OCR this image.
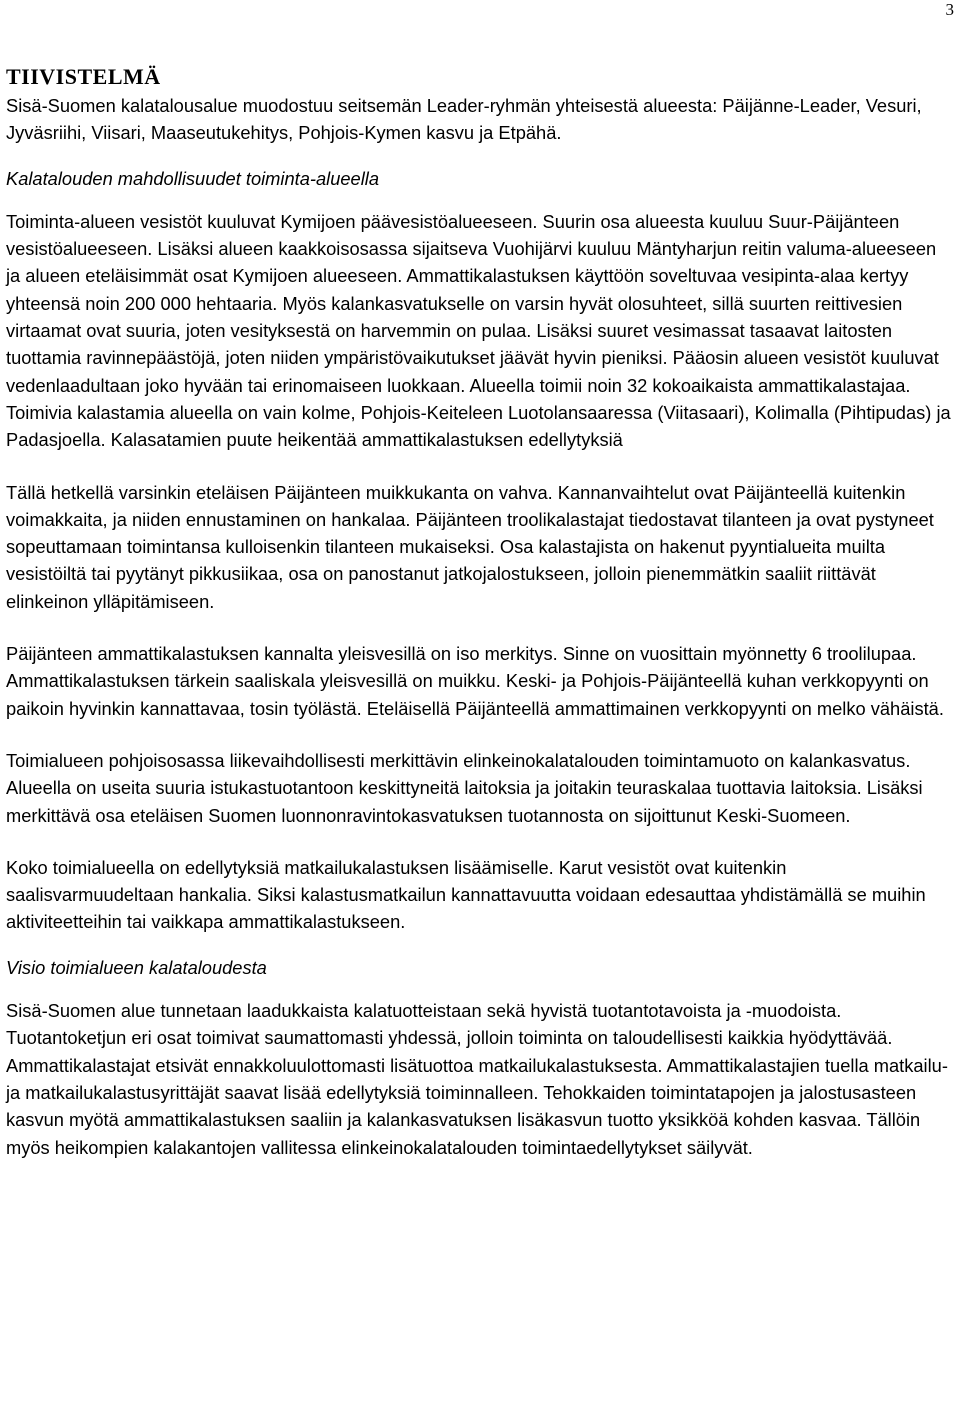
3
TIIVISTELMÄ

Sisä-Suomen kalatalousalue muodostuu seitsemän Leader-ryhmän yhteisestä alueesta: Päijänne-Leader, Vesuri, Jyväsriihi, Viisari, Maaseutukehitys, Pohjois-Kymen kasvu ja Etpähä.

Kalatalouden mahdollisuudet toiminta-alueella

Toiminta-alueen vesistöt kuuluvat Kymijoen päävesistöalueeseen. Suurin osa alueesta kuuluu Suur-Päijänteen vesistöalueeseen. Lisäksi alueen kaakkoisosassa sijaitseva Vuohijärvi kuuluu Mäntyharjun reitin valuma-alueeseen ja alueen eteläisimmät osat Kymijoen alueeseen. Ammattikalastuksen käyttöön soveltuvaa vesipinta-alaa kertyy yhteensä noin 200 000 hehtaaria. Myös kalankasvatukselle on varsin hyvät olosuhteet, sillä suurten reittivesien virtaamat ovat suuria, joten vesityksestä on harvemmin on pulaa. Lisäksi suuret vesimassat tasaavat laitosten tuottamia ravinnepäästöjä, joten niiden ympäristövaikutukset jäävät hyvin pieniksi. Pääosin alueen vesistöt kuuluvat vedenlaadultaan joko hyvään tai erinomaiseen luokkaan. Alueella toimii noin 32 kokoaikaista ammattikalastajaa. Toimivia kalastamia alueella on vain kolme, Pohjois-Keiteleen Luotolansaaressa (Viitasaari), Kolimalla (Pihtipudas) ja Padasjoella. Kalasatamien puute heikentää ammattikalastuksen edellytyksiä

Tällä hetkellä varsinkin eteläisen Päijänteen muikkukanta on vahva. Kannanvaihtelut ovat Päijänteellä kuitenkin voimakkaita, ja niiden ennustaminen on hankalaa. Päijänteen troolikalastajat tiedostavat tilanteen ja ovat pystyneet sopeuttamaan toimintansa kulloisenkin tilanteen mukaiseksi. Osa kalastajista on hakenut pyyntialueita muilta vesistöiltä tai pyytänyt pikkusiikaa, osa on panostanut jatkojalostukseen, jolloin pienemmätkin saaliit riittävät elinkeinon ylläpitämiseen.

Päijänteen ammattikalastuksen kannalta yleisvesillä on iso merkitys. Sinne on vuosittain myönnetty 6 troolilupaa. Ammattikalastuksen tärkein saaliskala yleisvesillä on muikku. Keski- ja Pohjois-Päijänteellä kuhan verkkopyynti on paikoin hyvinkin kannattavaa, tosin työlästä. Eteläisellä Päijänteellä ammattimainen verkkopyynti on melko vähäistä.

Toimialueen pohjoisosassa liikevaihdollisesti merkittävin elinkeinokalatalouden toimintamuoto on kalankasvatus. Alueella on useita suuria istukastuotantoon keskittyneitä laitoksia ja joitakin teuraskalaa tuottavia laitoksia. Lisäksi merkittävä osa eteläisen Suomen luonnonravintokasvatuksen tuotannosta on sijoittunut Keski-Suomeen.

Koko toimialueella on edellytyksiä matkailukalastuksen lisäämiselle. Karut vesistöt ovat kuitenkin saalisvarmuudeltaan hankalia. Siksi kalastusmatkailun kannattavuutta voidaan edesauttaa yhdistämällä se muihin aktiviteetteihin tai vaikkapa ammattikalastukseen.

Visio toimialueen kalataloudesta

Sisä-Suomen alue tunnetaan laadukkaista kalatuotteistaan sekä hyvistä tuotantotavoista ja -muodoista. Tuotantoketjun eri osat toimivat saumattomasti yhdessä, jolloin toiminta on taloudellisesti kaikkia hyödyttävää. Ammattikalastajat etsivät ennakkoluulottomasti lisätuottoa matkailukalastuksesta. Ammattikalastajien tuella matkailu- ja matkailukalastusyrittäjät saavat lisää edellytyksiä toiminnalleen. Tehokkaiden toimintatapojen ja jalostusasteen kasvun myötä ammattikalastuksen saaliin ja kalankasvatuksen lisäkasvun tuotto yksikköä kohden kasvaa. Tällöin myös heikompien kalakantojen vallitessa elinkeinokalatalouden toimintaedellytykset säilyvät.
